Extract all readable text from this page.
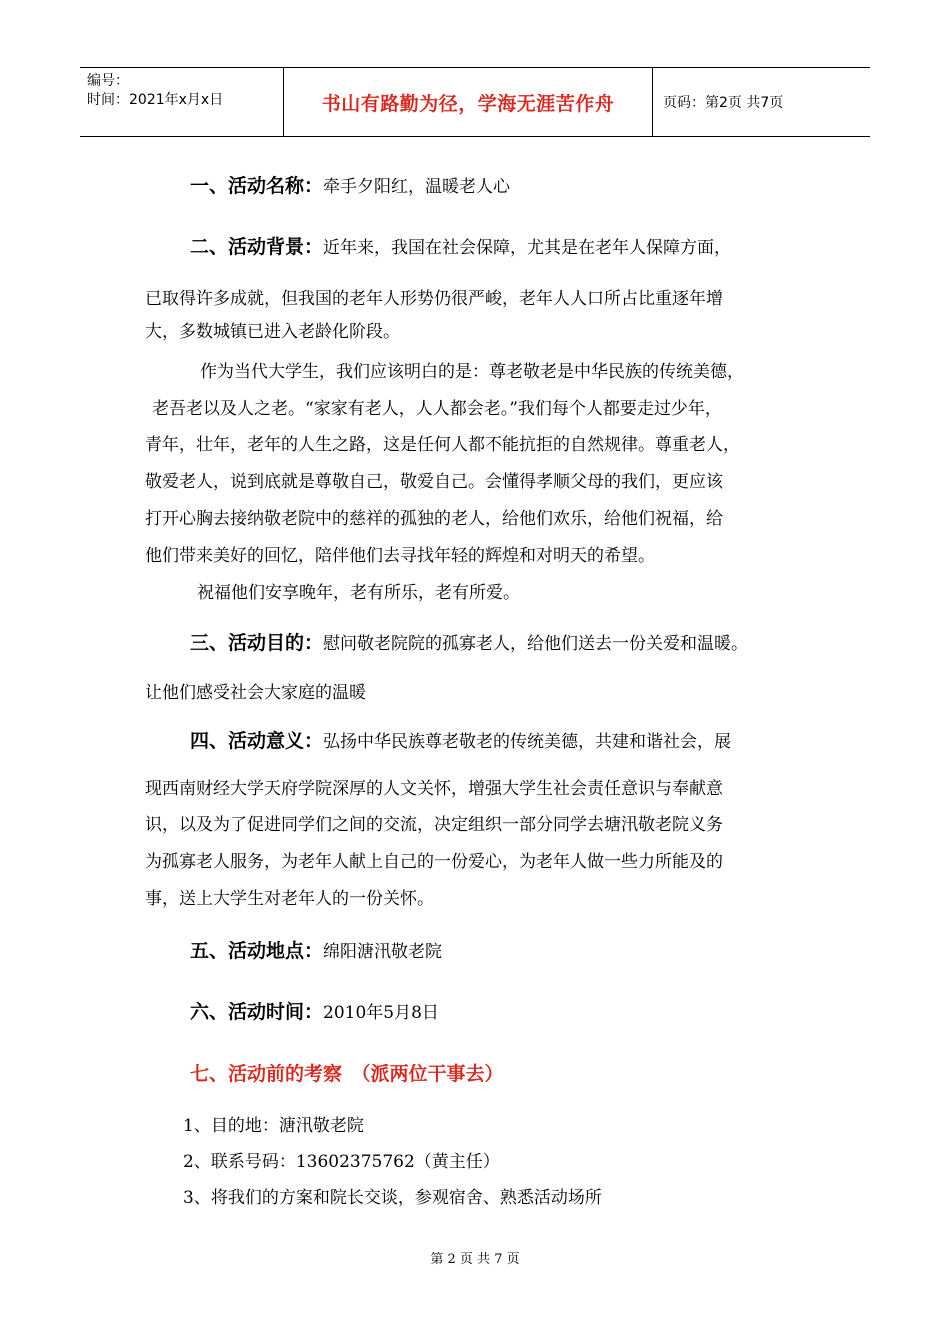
编号：
时间：2021年x月x日	书山有路勤为径，学海无涯苦作舟	页码：第2页 共7页
一、活动名称：牵手夕阳红，温暖老人心
二、活动背景：近年来，我国在社会保障，尤其是在老年人保障方面，
已取得许多成就，但我国的老年人形势仍很严峻，老年人人口所占比重逐年增
大，多数城镇已进入老龄化阶段。
作为当代大学生，我们应该明白的是：尊老敬老是中华民族的传统美德，
老吾老以及人之老。“家家有老人，人人都会老。”我们每个人都要走过少年，
青年，壮年，老年的人生之路，这是任何人都不能抗拒的自然规律。尊重老人，
敬爱老人，说到底就是尊敬自己，敬爱自己。会懂得孝顺父母的我们，更应该
打开心胸去接纳敬老院中的慈祥的孤独的老人，给他们欢乐，给他们祝福，给
他们带来美好的回忆，陪伴他们去寻找年轻的辉煌和对明天的希望。
祝福他们安享晚年，老有所乐，老有所爱。
三、活动目的：慰问敬老院院的孤寡老人，给他们送去一份关爱和温暖。
让他们感受社会大家庭的温暖
四、活动意义：弘扬中华民族尊老敬老的传统美德，共建和谐社会，展
现西南财经大学天府学院深厚的人文关怀，增强大学生社会责任意识与奉献意
识，以及为了促进同学们之间的交流，决定组织一部分同学去塘汛敬老院义务
为孤寡老人服务，为老年人献上自己的一份爱心，为老年人做一些力所能及的
事，送上大学生对老年人的一份关怀。
五、活动地点：绵阳溏汛敬老院
六、活动时间：2010年5月8日
七、活动前的考察　（派两位干事去）
1、目的地：溏汛敬老院
2、联系号码：13602375762（黄主任）
3、将我们的方案和院长交谈，参观宿舍、熟悉活动场所
第 2 页 共 7 页
